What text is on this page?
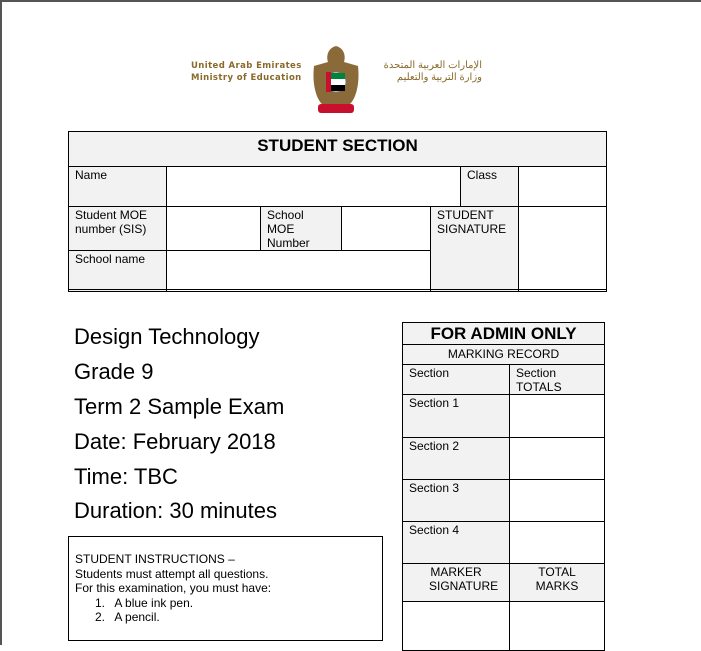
United Arab Emirates
Ministry of Education
الإمارات العربية المتحدة
وزارة التربية والتعليم
STUDENT SECTION
Name	Class
Student MOE number (SIS)
School MOE Number
STUDENT SIGNATURE
School name
Design Technology
Grade 9
Term 2 Sample Exam
Date: February 2018
Time: TBC
Duration: 30 minutes
FOR ADMIN ONLY
MARKING RECORD
Section	Section TOTALS
Section 1
Section 2
Section 3
Section 4
MARKER SIGNATURE
TOTAL MARKS
STUDENT INSTRUCTIONS –
Students must attempt all questions.
For this examination, you must have:
1.   A blue ink pen.
2.   A pencil.
